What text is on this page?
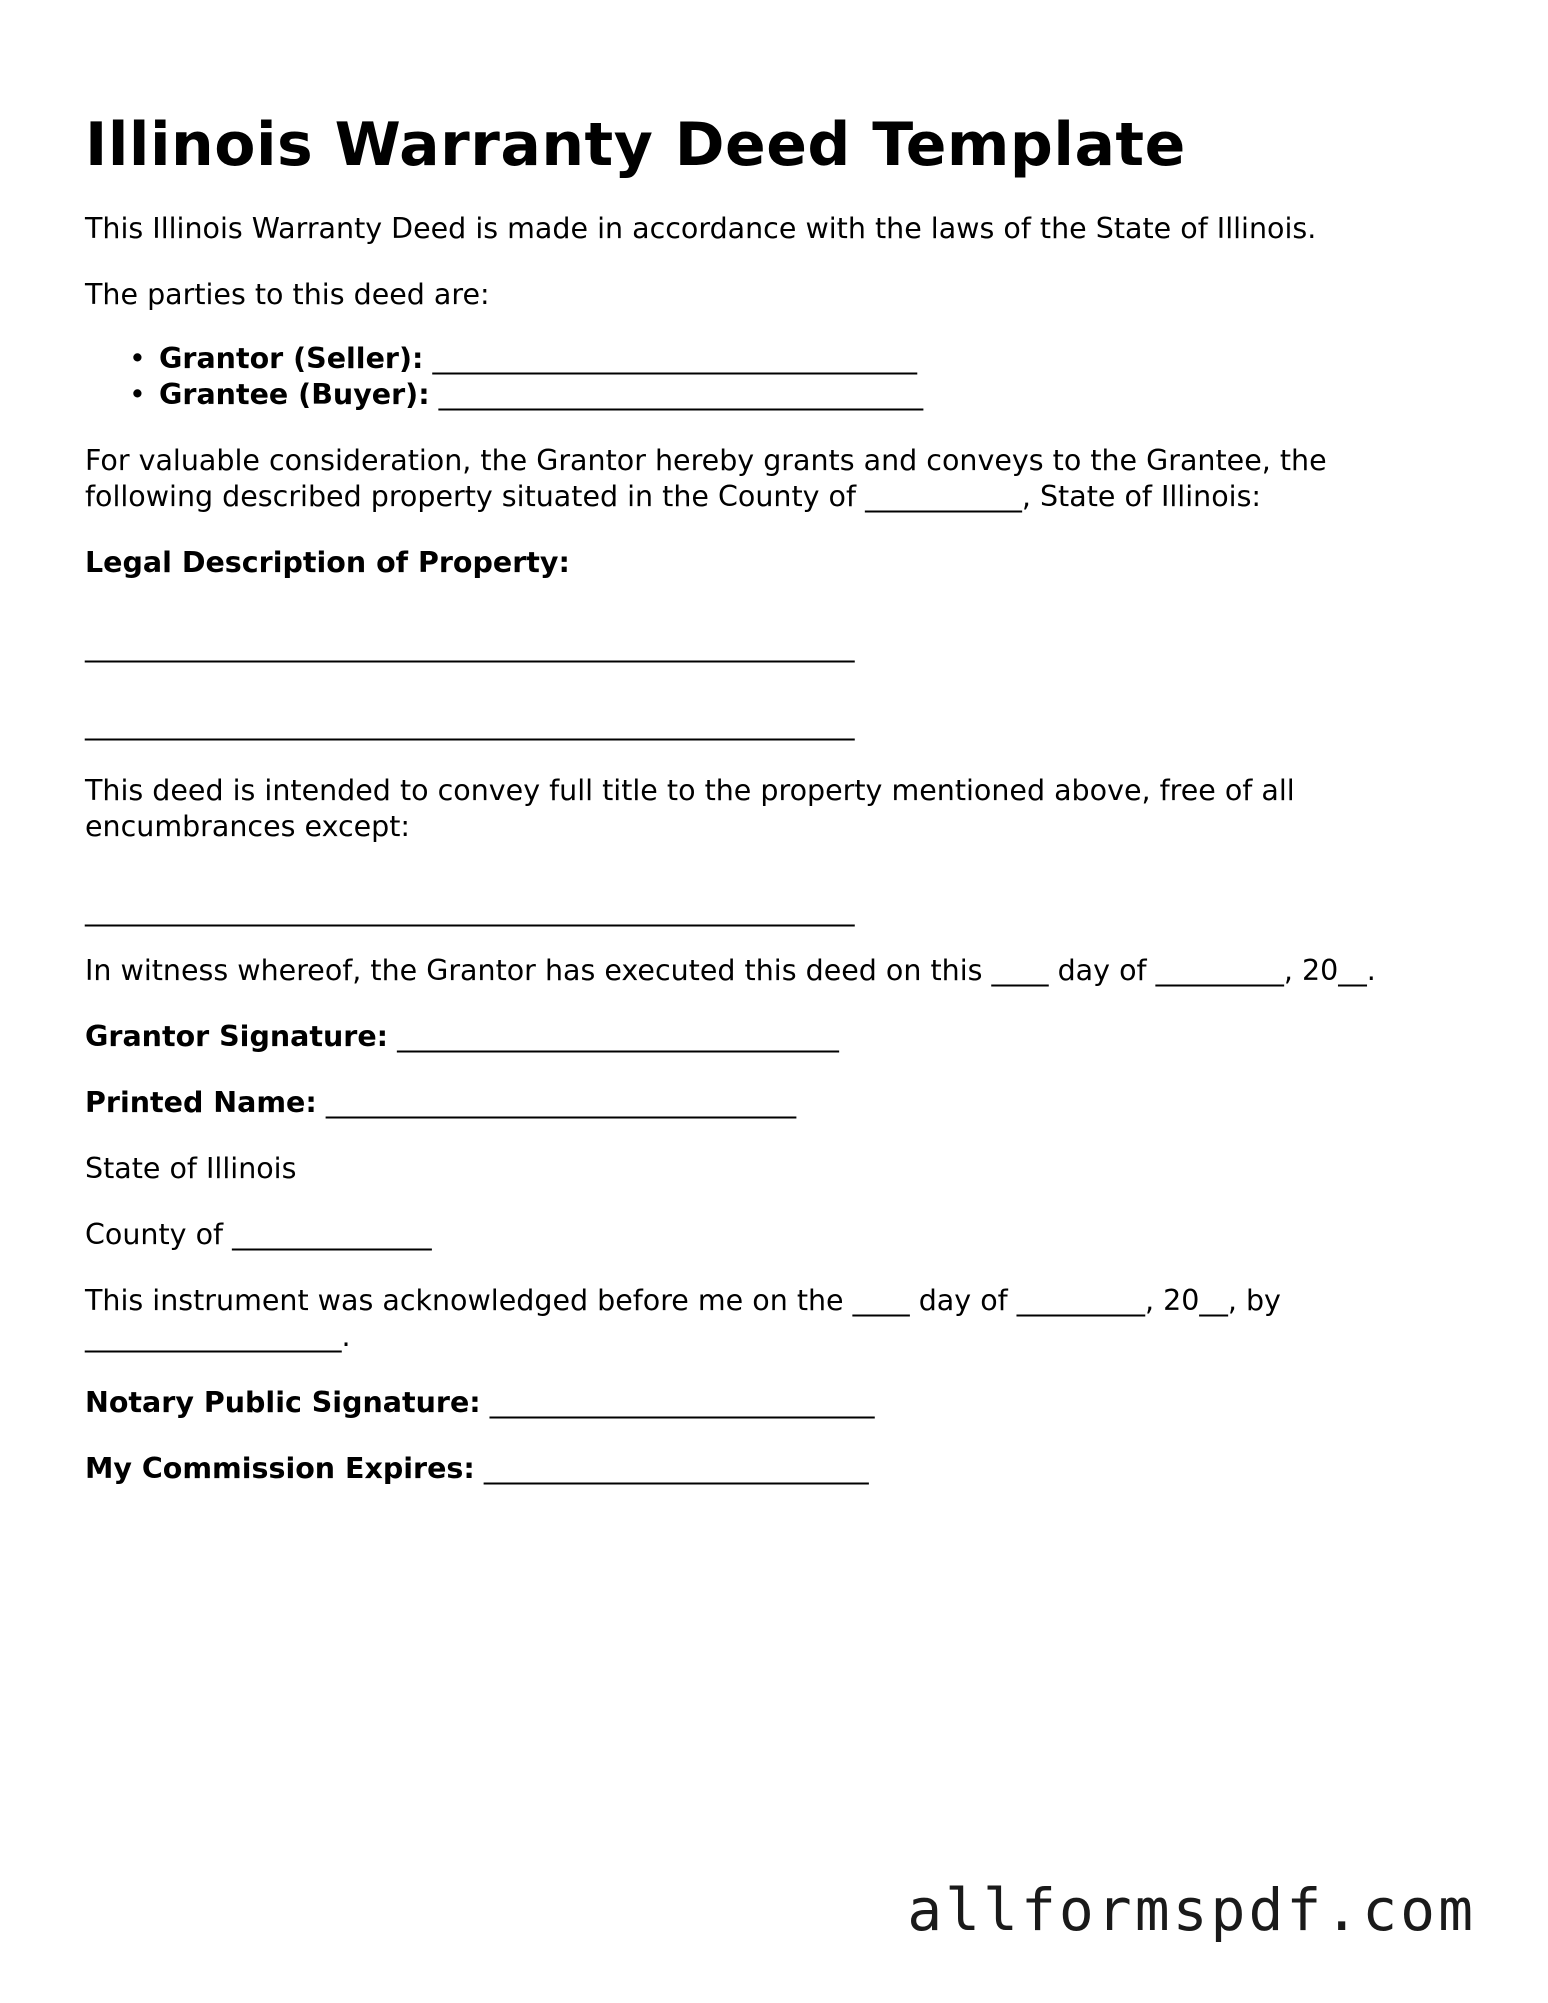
Illinois Warranty Deed Template

This Illinois Warranty Deed is made in accordance with the laws of the State of Illinois.

The parties to this deed are:

• Grantor (Seller): __________________________________
• Grantee (Buyer): __________________________________

For valuable consideration, the Grantor hereby grants and conveys to the Grantee, the following described property situated in the County of ___________, State of Illinois:

Legal Description of Property:

______________________________________________________
______________________________________________________

This deed is intended to convey full title to the property mentioned above, free of all encumbrances except:

______________________________________________________

In witness whereof, the Grantor has executed this deed on this ____ day of _________, 20__.

Grantor Signature: _______________________________

Printed Name: _________________________________

State of Illinois

County of ______________

This instrument was acknowledged before me on the ____ day of _________, 20__, by __________________.

Notary Public Signature: ___________________________

My Commission Expires: ___________________________

allformspdf.com
